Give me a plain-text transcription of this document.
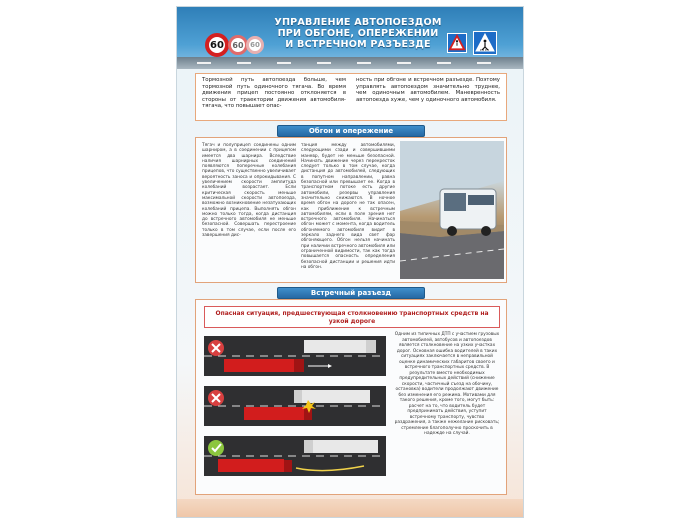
60	60 60
УПРАВЛЕНИЕ АВТОПОЕЗДОМ
ПРИ ОБГОНЕ, ОПЕРЕЖЕНИИ
И ВСТРЕЧНОМ РАЗЪЕЗДЕ

Тормозной путь автопоезда больше, чем тормозной путь одиночного тягача. Во время движения прицеп постоянно отклоняется в стороны от траектории движения автомобиля-тягача, что повышает опас-

ность при обгоне и встречном разъезде. Поэтому управлять автопоездом значительно труднее, чем одиночным автомобилем. Маневренность автопоезда хуже, чем у одиночного автомобиля.

Обгон и опережение
Тягач и полуприцеп соединены одним шарниром, а в соединении с прицепом имеется два шарнира. Вследствие наличия шарнирных соединений появляются поперечные колебания прицепов, что существенно увеличивает вероятность заноса и опрокидывания. С увеличением скорости амплитуда колебаний возрастает. Если критическая скорость меньше максимальной скорости автопоезда, возможно возникновение незатухающих колебаний прицепа. Выполнять обгон можно только тогда, когда дистанция до встречного автомобиля не меньше безопасной. Совершать перестроение только в том случае, если после его завершения дис-
танция между автомобилями, следующими сзади и совершившими маневр, будет не меньше безопасной. Начинать движение через перекресток следует только в том случае, когда дистанция до автомобилей, следующих в попутном направлении, равна безопасной или превышает ее. Когда в транспортном потоке есть другие автомобили, резервы управления значительно снижаются. В ночное время обгон на дороге не так опасен, как приближение к встречным автомобилям, если в поле зрения нет встречного автомобиля. Начинаться обгон может с момента, когда водитель обгоняемого автомобиля видит в зеркало заднего вида свет фар обгоняющего. Обгон нельзя начинать при наличии встречного автомобиля или ограниченной видимости, так как тогда повышается опасность определения безопасной дистанции и решения идти на обгон.
Встречный разъезд
Опасная ситуация, предшествующая столкновению транспортных средств на узкой дороге
Одним из типичных ДТП с участием грузовых автомобилей, автобусов и автопоездов является столкновение на узких участках дорог. Основная ошибка водителей в таких ситуациях заключается в неправильной оценке динамических габаритов своего и встречного транспортных средств. В результате вместо необходимых предупредительных действий (снижение скорости, частичный съезд на обочину, остановка) водители продолжают движение без изменения его режима. Мотивами для такого решения, кроме того, могут быть: расчет на то, что водитель будет предпринимать действия, уступит встречному транспорту, чувство раздражения, а также нежелание рисковать; стремление благополучно проскочить в надежде на случай.
